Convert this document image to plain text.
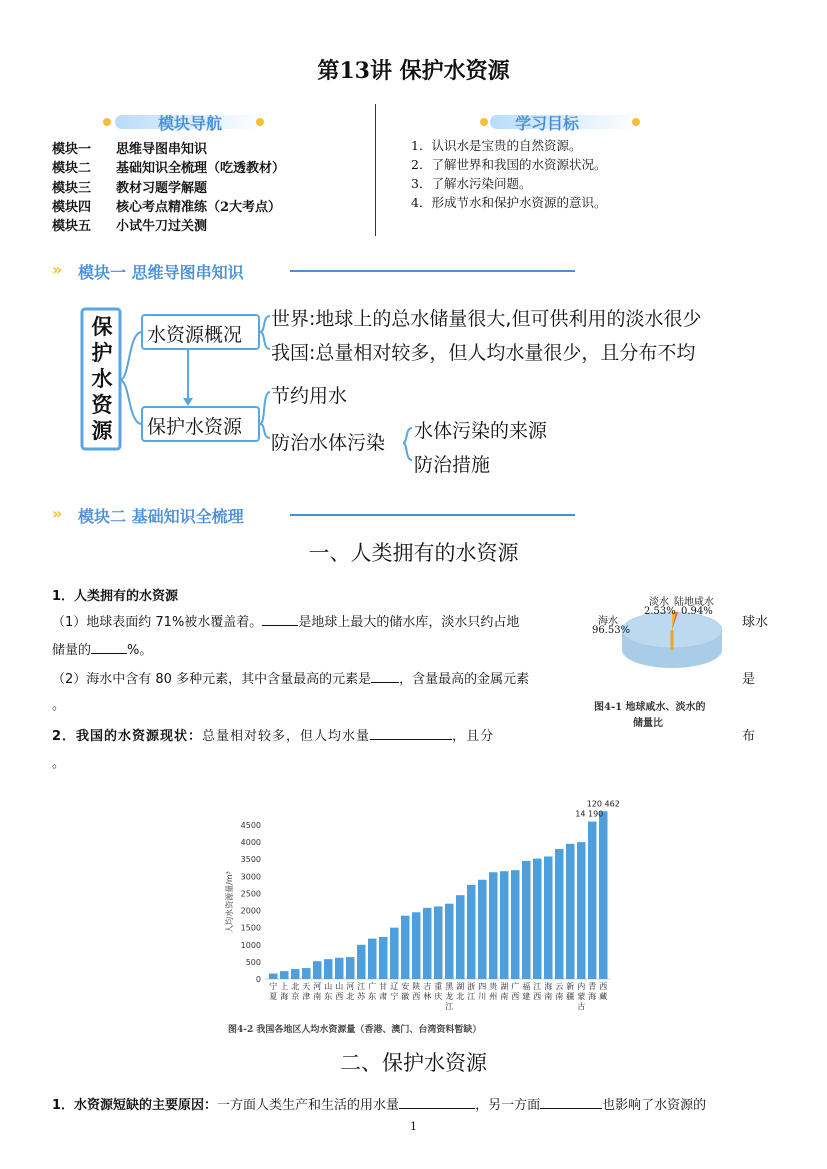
第13讲 保护水资源
模块导航
模块一 思维导图串知识
模块二 基础知识全梳理（吃透教材）
模块三 教材习题学解题
模块四 核心考点精准练（2大考点）
模块五 小试牛刀过关测
学习目标
1．认识水是宝贵的自然资源。
2．了解世界和我国的水资源状况。
3．了解水污染问题。
4．形成节水和保护水资源的意识。
» 模块一 思维导图串知识
保
护
水
资
源
水资源概况
保护水资源
世界:地球上的总水储量很大,但可供利用的淡水很少
我国:总量相对较多，但人均水量很少，且分布不均
节约用水
防治水体污染
水体污染的来源
防治措施
» 模块二 基础知识全梳理
一、人类拥有的水资源
1．人类拥有的水资源
（1）地球表面约 71%被水覆盖着。	是地球上最大的储水库，淡水只约占地	球水
储量的	%。
（2）海水中含有 80 多种元素，其中含量最高的元素是 ，含量最高的金属元素	是
。
2．我国的水资源现状：总量相对较多，但人均水量	，且分	布
。
淡水
2.53%
陆地咸水
0.94%
海水
96.53%
图4-1 地球咸水、淡水的
储量比
0
500
1000
1500
2000
2500
3000
3500
4000
4500
人均水资源量/m³
宁
夏
上
海
北
京
天
津
河
南
山
东
山
西
河
北
江
苏
广
东
甘
肃
辽
宁
安
徽
陕
西
吉
林
重
庆
黑
龙
江
湖
北
浙
江
四
川
贵
州
湖
南
广
西
福
建
江
西
海
南
云
南
新
疆
内
蒙
古
青
海
西
藏
14 190
120 462
图4-2 我国各地区人均水资源量（香港、澳门、台湾资料暂缺）
二、保护水资源
1．水资源短缺的主要原因：一方面人类生产和生活的用水量	，另一方面	也影响了水资源的
1
